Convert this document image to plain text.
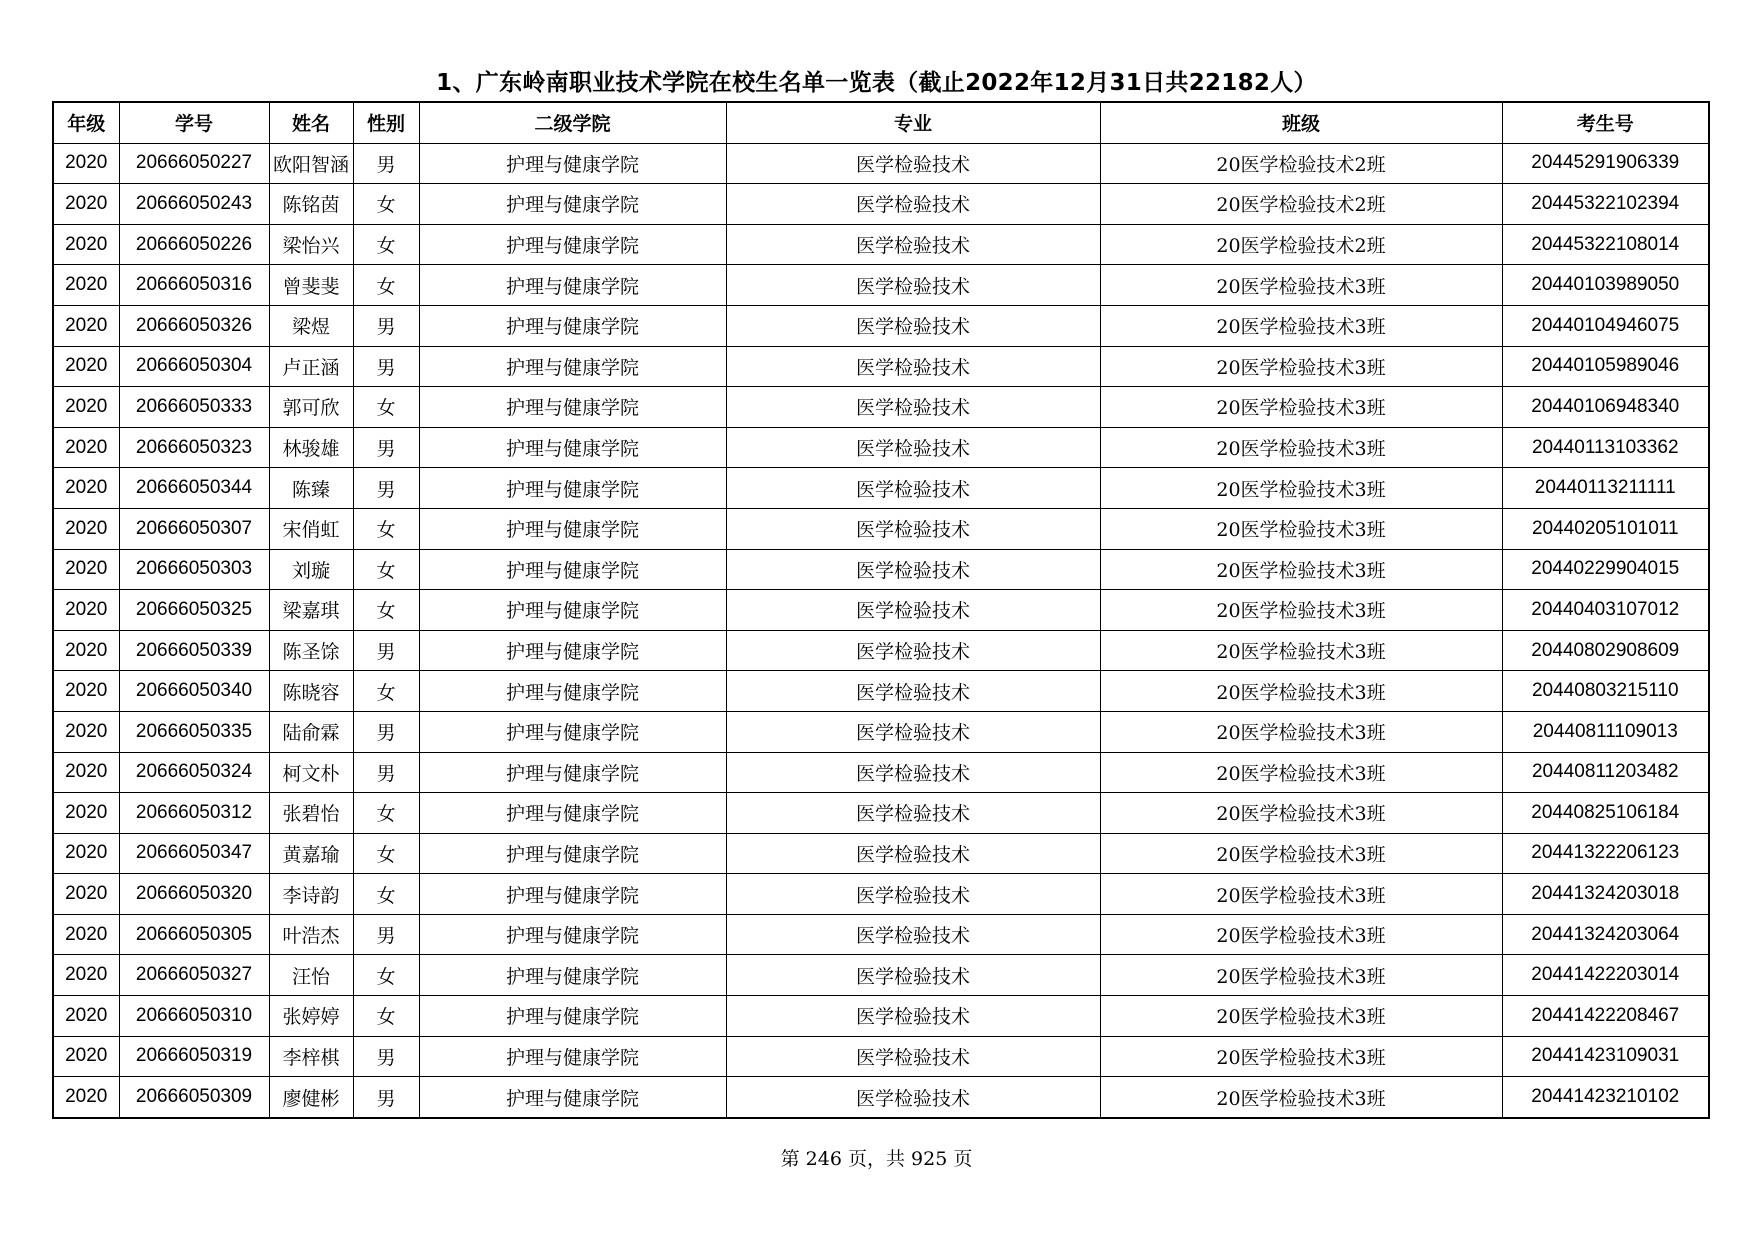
1、广东岭南职业技术学院在校生名单一览表（截止2022年12月31日共22182人）
年级	学号	姓名	性别	二级学院	专业	班级	考生号
2020	20666050227	欧阳智涵	男	护理与健康学院	医学检验技术	20医学检验技术2班	20445291906339
2020	20666050243	陈铭茵	女	护理与健康学院	医学检验技术	20医学检验技术2班	20445322102394
2020	20666050226	梁怡兴	女	护理与健康学院	医学检验技术	20医学检验技术2班	20445322108014
2020	20666050316	曾斐斐	女	护理与健康学院	医学检验技术	20医学检验技术3班	20440103989050
2020	20666050326	梁煜	男	护理与健康学院	医学检验技术	20医学检验技术3班	20440104946075
2020	20666050304	卢正涵	男	护理与健康学院	医学检验技术	20医学检验技术3班	20440105989046
2020	20666050333	郭可欣	女	护理与健康学院	医学检验技术	20医学检验技术3班	20440106948340
2020	20666050323	林骏雄	男	护理与健康学院	医学检验技术	20医学检验技术3班	20440113103362
2020	20666050344	陈臻	男	护理与健康学院	医学检验技术	20医学检验技术3班	20440113211111
2020	20666050307	宋俏虹	女	护理与健康学院	医学检验技术	20医学检验技术3班	20440205101011
2020	20666050303	刘璇	女	护理与健康学院	医学检验技术	20医学检验技术3班	20440229904015
2020	20666050325	梁嘉琪	女	护理与健康学院	医学检验技术	20医学检验技术3班	20440403107012
2020	20666050339	陈圣馀	男	护理与健康学院	医学检验技术	20医学检验技术3班	20440802908609
2020	20666050340	陈晓容	女	护理与健康学院	医学检验技术	20医学检验技术3班	20440803215110
2020	20666050335	陆俞霖	男	护理与健康学院	医学检验技术	20医学检验技术3班	20440811109013
2020	20666050324	柯文朴	男	护理与健康学院	医学检验技术	20医学检验技术3班	20440811203482
2020	20666050312	张碧怡	女	护理与健康学院	医学检验技术	20医学检验技术3班	20440825106184
2020	20666050347	黄嘉瑜	女	护理与健康学院	医学检验技术	20医学检验技术3班	20441322206123
2020	20666050320	李诗韵	女	护理与健康学院	医学检验技术	20医学检验技术3班	20441324203018
2020	20666050305	叶浩杰	男	护理与健康学院	医学检验技术	20医学检验技术3班	20441324203064
2020	20666050327	汪怡	女	护理与健康学院	医学检验技术	20医学检验技术3班	20441422203014
2020	20666050310	张婷婷	女	护理与健康学院	医学检验技术	20医学检验技术3班	20441422208467
2020	20666050319	李梓棋	男	护理与健康学院	医学检验技术	20医学检验技术3班	20441423109031
2020	20666050309	廖健彬	男	护理与健康学院	医学检验技术	20医学检验技术3班	20441423210102
第 246 页，共 925 页
